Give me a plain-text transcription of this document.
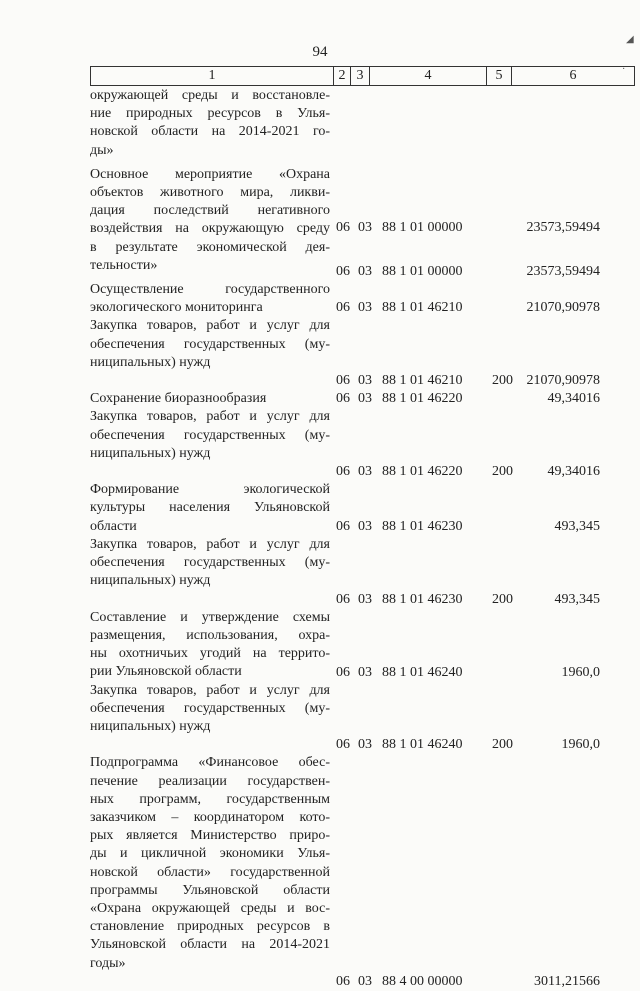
94
1	2	3	4	5	6
окружающей среды и восстановле-
ние природных ресурсов в Улья-
новской области на 2014-2021 го-
ды»
Основное мероприятие «Охрана
объектов животного мира, ликви-
дация последствий негативного
воздействия на окружающую среду
в результате экономической дея-
тельности»
06 03 88 1 01 00000	23573,59494
06 03 88 1 01 00000	23573,59494
Осуществление государственного
экологического мониторинга	06 03 88 1 01 46210	21070,90978
Закупка товаров, работ и услуг для
обеспечения государственных (му-
ниципальных) нужд

06 03 88 1 01 46210 200 21070,90978
Сохранение биоразнообразия	06 03 88 1 01 46220	49,34016
Закупка товаров, работ и услуг для
обеспечения государственных (му-
ниципальных) нужд

06 03 88 1 01 46220 200	49,34016
Формирование экологической
культуры населения Ульяновской
области	06 03 88 1 01 46230	493,345
Закупка товаров, работ и услуг для
обеспечения государственных (му-
ниципальных) нужд

06 03 88 1 01 46230 200	493,345
Составление и утверждение схемы
размещения, использования, охра-
ны охотничьих угодий на террито-
рии Ульяновской области	06 03 88 1 01 46240	1960,0
Закупка товаров, работ и услуг для
обеспечения государственных (му-
ниципальных) нужд

06 03 88 1 01 46240 200	1960,0
Подпрограмма «Финансовое обес-
печение реализации государствен-
ных программ, государственным
заказчиком – координатором кото-
рых является Министерство приро-
ды и цикличной экономики Улья-
новской области» государственной
программы Ульяновской области
«Охрана окружающей среды и вос-
становление природных ресурсов в
Ульяновской области на 2014-2021
годы»

06 03 88 4 00 00000	3011,21566
◢
·
